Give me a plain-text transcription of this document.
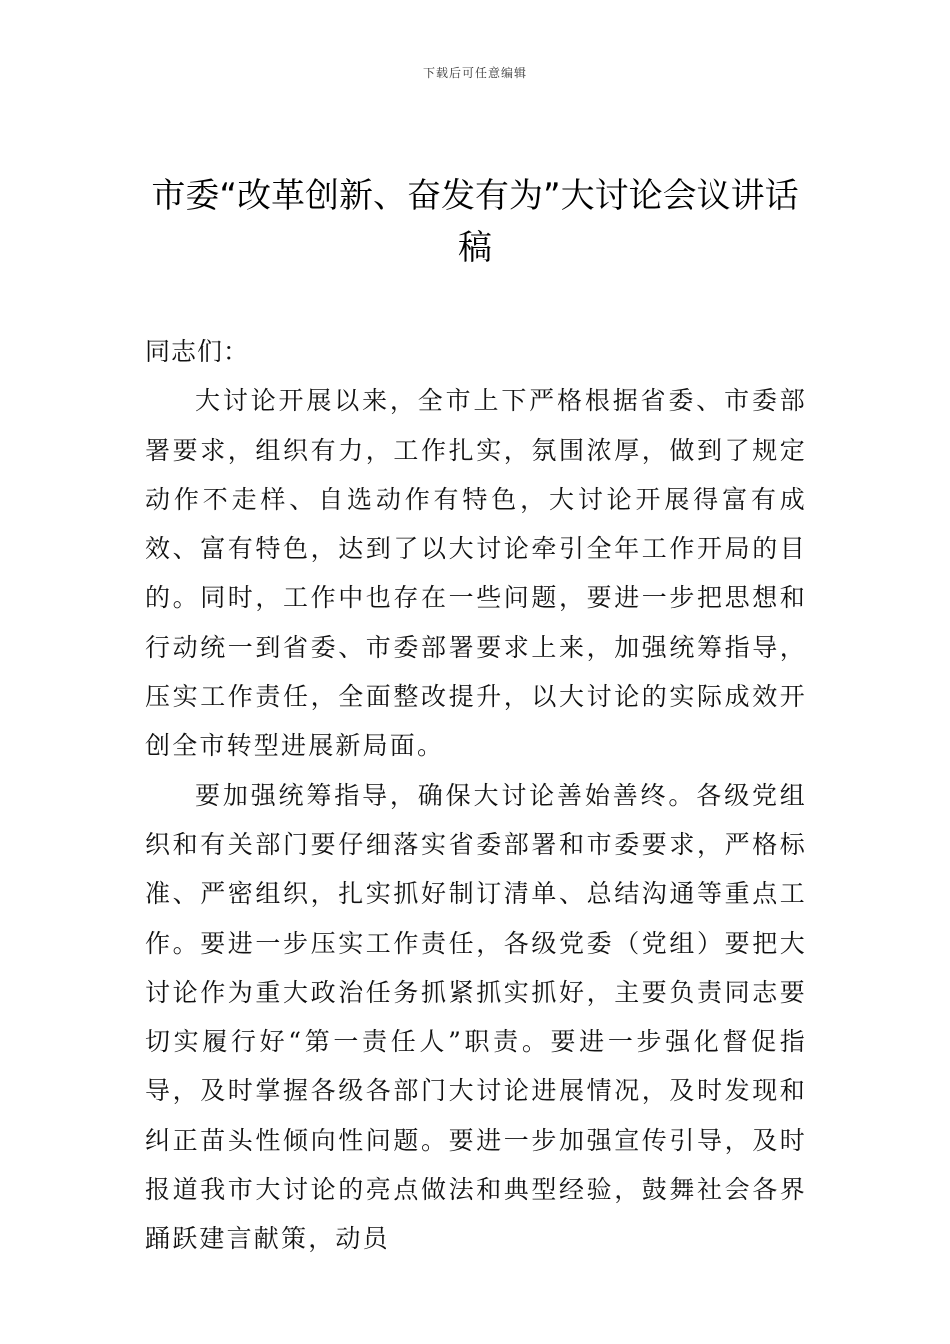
下载后可任意编辑
市委“改革创新、奋发有为”大讨论会议讲话稿

同志们：

大讨论开展以来，全市上下严格根据省委、市委部署要求，组织有力，工作扎实，氛围浓厚，做到了规定动作不走样、自选动作有特色，大讨论开展得富有成效、富有特色，达到了以大讨论牵引全年工作开局的目的。同时，工作中也存在一些问题，要进一步把思想和行动统一到省委、市委部署要求上来，加强统筹指导，压实工作责任，全面整改提升，以大讨论的实际成效开创全市转型进展新局面。

要加强统筹指导，确保大讨论善始善终。各级党组织和有关部门要仔细落实省委部署和市委要求，严格标准、严密组织，扎实抓好制订清单、总结沟通等重点工作。要进一步压实工作责任，各级党委（党组）要把大讨论作为重大政治任务抓紧抓实抓好，主要负责同志要切实履行好“第一责任人”职责。要进一步强化督促指导，及时掌握各级各部门大讨论进展情况，及时发现和纠正苗头性倾向性问题。要进一步加强宣传引导，及时报道我市大讨论的亮点做法和典型经验，鼓舞社会各界踊跃建言献策，动员
